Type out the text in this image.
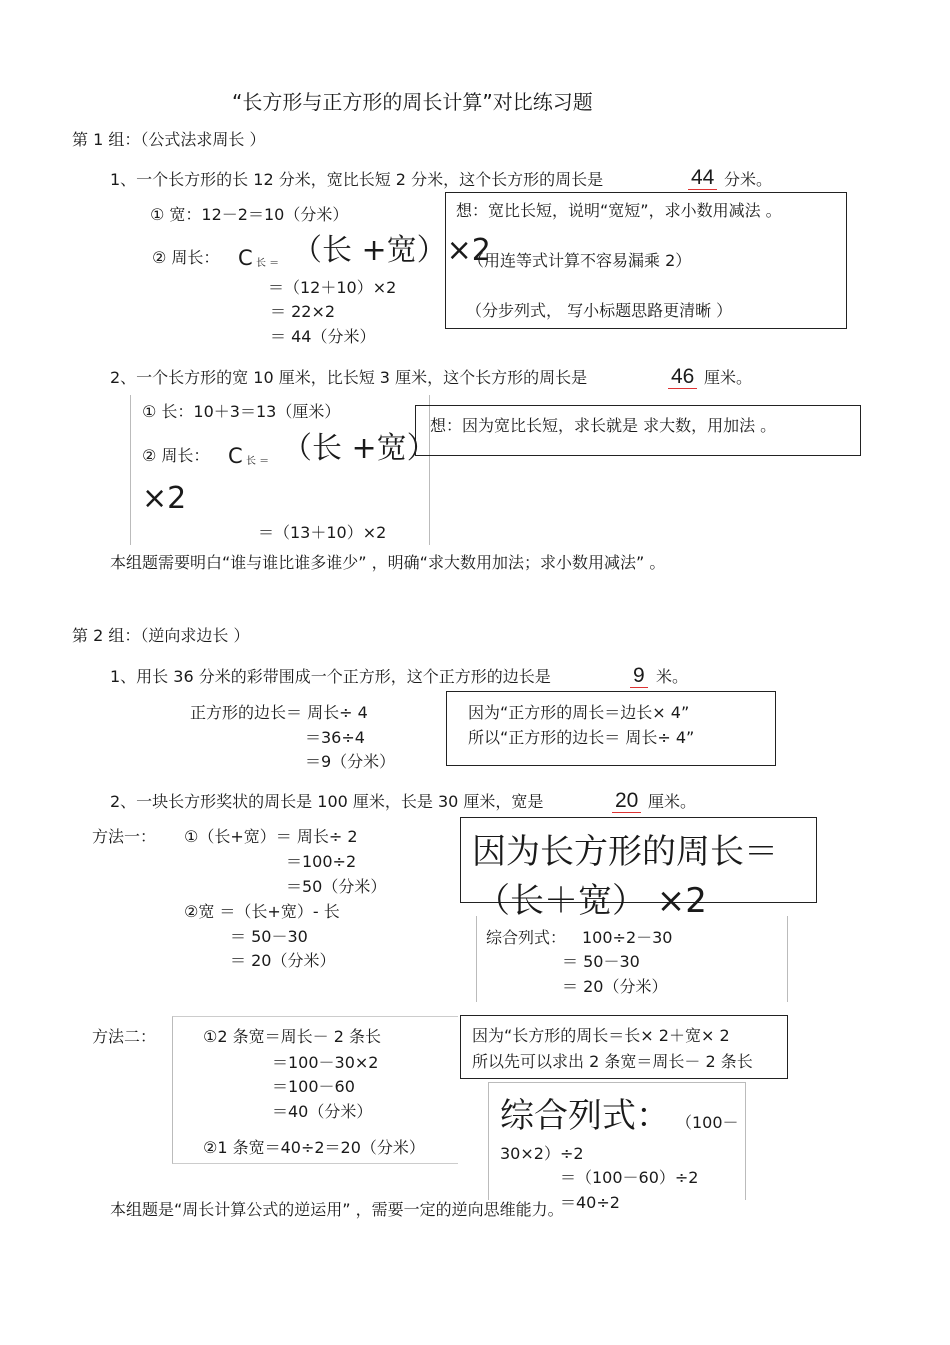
“长方形与正方形的周长计算”对比练习题
第 1 组：（公式法求周长 ）
1、一个长方形的长 12 分米，宽比长短 2 分米，这个长方形的周长是	44 分米。
① 宽：12－2＝10（分米）
② 周长： C 长 ＝ （长 +宽）×2
＝（12＋10）×2
＝ 22×2
＝ 44（分米）
想：宽比长短，说明“宽短”，求小数用减法 。
（用连等式计算不容易漏乘 2）
（分步列式， 写小标题思路更清晰 ）
2、一个长方形的宽 10 厘米，比长短 3 厘米，这个长方形的周长是	46 厘米。
① 长：10＋3＝13（厘米）
② 周长： C 长 ＝ （长 +宽）
×2
＝（13＋10）×2
想：因为宽比长短，求长就是 求大数，用加法 。
本组题需要明白“谁与谁比谁多谁少” ，明确“求大数用加法；求小数用减法” 。
第 2 组：（逆向求边长 ）
1、用长 36 分米的彩带围成一个正方形，这个正方形的边长是	9 米。
正方形的边长＝ 周长÷ 4
＝36÷4
＝9（分米）
因为“正方形的周长＝边长× 4”
所以“正方形的边长＝ 周长÷ 4”
2、一块长方形奖状的周长是 100 厘米，长是 30 厘米，宽是	20 厘米。
方法一： ①（长+宽）＝ 周长÷ 2
＝100÷2
＝50（分米）
②宽 ＝（长+宽）- 长
＝ 50－30
＝ 20（分米）
因为长方形的周长＝
（长＋宽） ×2
综合列式： 100÷2－30
＝ 50－30
＝ 20（分米）
方法二：	①2 条宽＝周长－ 2 条长
＝100－30×2
＝100－60
＝40（分米）
②1 条宽＝40÷2＝20（分米）
因为“长方形的周长＝长× 2＋宽× 2
所以先可以求出 2 条宽＝周长－ 2 条长
综合列式： （100－
30×2）÷2
＝（100－60）÷2
＝40÷2
本组题是“周长计算公式的逆运用” ，需要一定的逆向思维能力。
